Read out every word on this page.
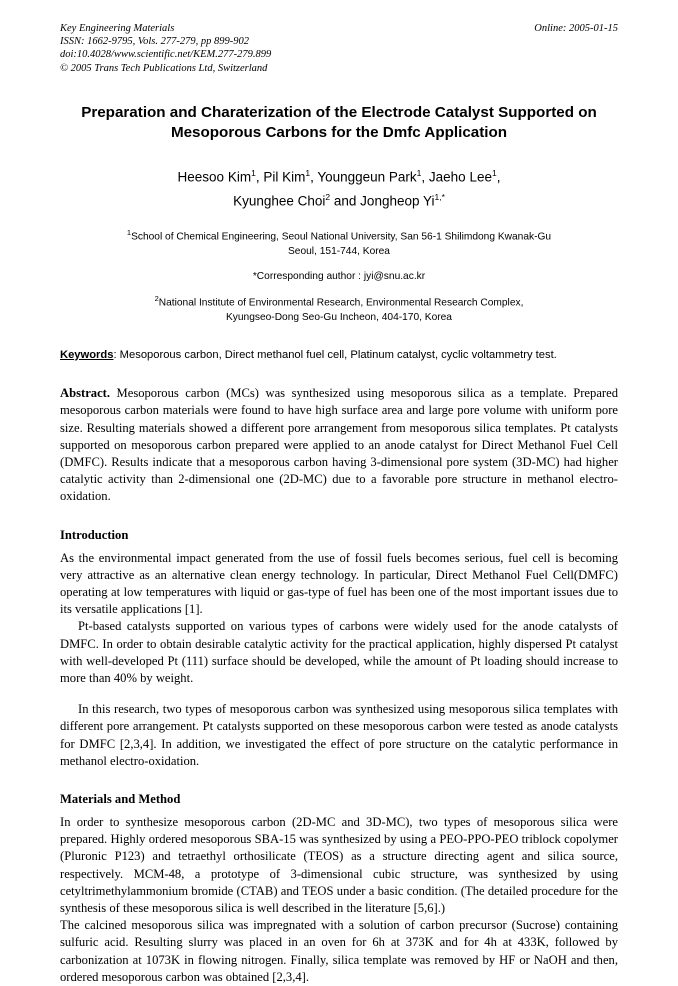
Key Engineering Materials
ISSN: 1662-9795, Vols. 277-279, pp 899-902
doi:10.4028/www.scientific.net/KEM.277-279.899
© 2005 Trans Tech Publications Ltd, Switzerland
Online: 2005-01-15
Preparation and Charaterization of the Electrode Catalyst Supported on Mesoporous Carbons for the Dmfc Application
Heesoo Kim$^1$, Pil Kim$^1$, Younggeun Park$^1$, Jaeho Lee$^1$,
Kyunghee Choi$^2$ and Jongheop $Yi^{1,*}$
$^1$School of Chemical Engineering, Seoul National University, San 56-1 Shilimdong Kwanak-Gu
Seoul, 151-744, Korea
*Corresponding author : jyi@snu.ac.kr
$^2$National Institute of Environmental Research, Environmental Research Complex,
Kyungseo-Dong Seo-Gu Incheon, 404-170, Korea
Keywords: Mesoporous carbon, Direct methanol fuel cell, Platinum catalyst, cyclic voltammetry test.
Abstract. Mesoporous carbon (MCs) was synthesized using mesoporous silica as a template. Prepared mesoporous carbon materials were found to have high surface area and large pore volume with uniform pore size. Resulting materials showed a different pore arrangement from mesoporous silica templates. Pt catalysts supported on mesoporous carbon prepared were applied to an anode catalyst for Direct Methanol Fuel Cell (DMFC). Results indicate that a mesoporous carbon having 3-dimensional pore system (3D-MC) had higher catalytic activity than 2-dimensional one (2D-MC) due to a favorable pore structure in methanol electro-oxidation.
Introduction
As the environmental impact generated from the use of fossil fuels becomes serious, fuel cell is becoming very attractive as an alternative clean energy technology. In particular, Direct Methanol Fuel Cell(DMFC) operating at low temperatures with liquid or gas-type of fuel has been one of the most important issues due to its versatile applications [1].
Pt-based catalysts supported on various types of carbons were widely used for the anode catalysts of DMFC. In order to obtain desirable catalytic activity for the practical application, highly dispersed Pt catalyst with well-developed Pt (111) surface should be developed, while the amount of Pt loading should increase to more than 40% by weight.
In this research, two types of mesoporous carbon was synthesized using mesoporous silica templates with different pore arrangement. Pt catalysts supported on these mesoporous carbon were tested as anode catalysts for DMFC [2,3,4]. In addition, we investigated the effect of pore structure on the catalytic performance in methanol electro-oxidation.
Materials and Method
In order to synthesize mesoporous carbon (2D-MC and 3D-MC), two types of mesoporous silica were prepared. Highly ordered mesoporous SBA-15 was synthesized by using a PEO-PPO-PEO triblock copolymer (Pluronic P123) and tetraethyl orthosilicate (TEOS) as a structure directing agent and silica source, respectively. MCM-48, a prototype of 3-dimensional cubic structure, was synthesized by using cetyltrimethylammonium bromide (CTAB) and TEOS under a basic condition. (The detailed procedure for the synthesis of these mesoporous silica is well described in the literature [5,6].)
The calcined mesoporous silica was impregnated with a solution of carbon precursor (Sucrose) containing sulfuric acid. Resulting slurry was placed in an oven for 6h at 373K and for 4h at 433K, followed by carbonization at 1073K in flowing nitrogen. Finally, silica template was removed by HF or NaOH and then, ordered mesoporous carbon was obtained [2,3,4].
